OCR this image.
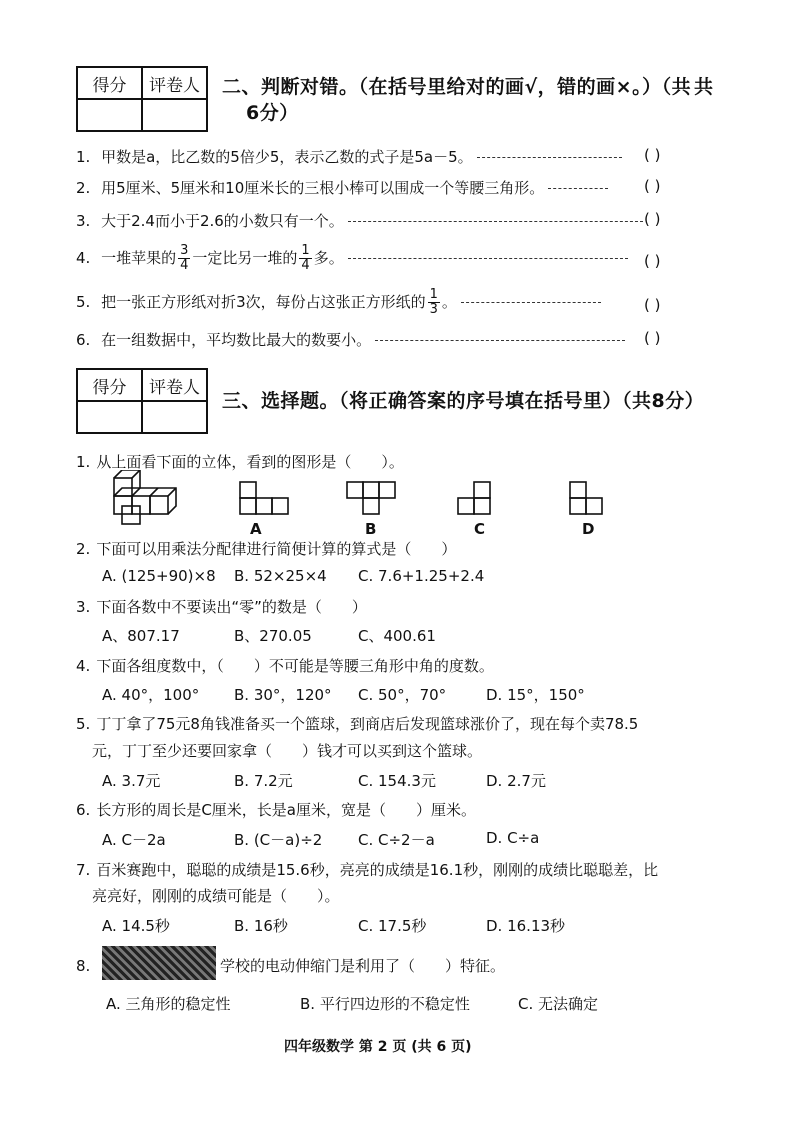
得分	评卷人
	二、判断对错。（在括号里给对的画√，错的画×。）（共 共
6分）
1. 甲数是a，比乙数的5倍少5，表示乙数的式子是5a－5。	( )
2. 用5厘米、5厘米和10厘米长的三根小棒可以围成一个等腰三角形。	( )
3. 大于2.4而小于2.6的小数只有一个。	( )
4. 一堆苹果的 $\frac{3}{4}$ 一定比另一堆的 $\frac{1}{4}$ 多。	( )
5. 把一张正方形纸对折3次，每份占这张正方形纸的 $\frac{1}{3}$ 。	( )
6. 在一组数据中，平均数比最大的数要小。	( )
得分	评卷人

三、选择题。（将正确答案的序号填在括号里）（共8分）
1. 从上面看下面的立体，看到的图形是（　　）。
A	B	C	D
2. 下面可以用乘法分配律进行简便计算的算式是（　　）
A. (125+90)×8 B. 52×25×4 C. 7.6+1.25+2.4
3. 下面各数中不要读出“零”的数是（　　）
A、807.17	B、270.05	C、400.61
4. 下面各组度数中，（　　）不可能是等腰三角形中角的度数。
A. 40°，100° B. 30°，120° C. 50°，70°	D. 15°，150°
5. 丁丁拿了75元8角钱准备买一个篮球，到商店后发现篮球涨价了，现在每个卖78.5
元，丁丁至少还要回家拿（　　）钱才可以买到这个篮球。
A. 3.7元	B. 7.2元	C. 154.3元	D. 2.7元
6. 长方形的周长是C厘米，长是a厘米，宽是（　　）厘米。
A. C－2a	B. (C－a)÷2 C. C÷2－a	D. C÷a
7. 百米赛跑中，聪聪的成绩是15.6秒，亮亮的成绩是16.1秒，刚刚的成绩比聪聪差，比
亮亮好，刚刚的成绩可能是（　　）。
A. 14.5秒	B. 16秒	C. 17.5秒	D. 16.13秒
8.	学校的电动伸缩门是利用了（　　）特征。
A. 三角形的稳定性	B. 平行四边形的不稳定性	C. 无法确定
四年级数学 第 2 页 (共 6 页)
